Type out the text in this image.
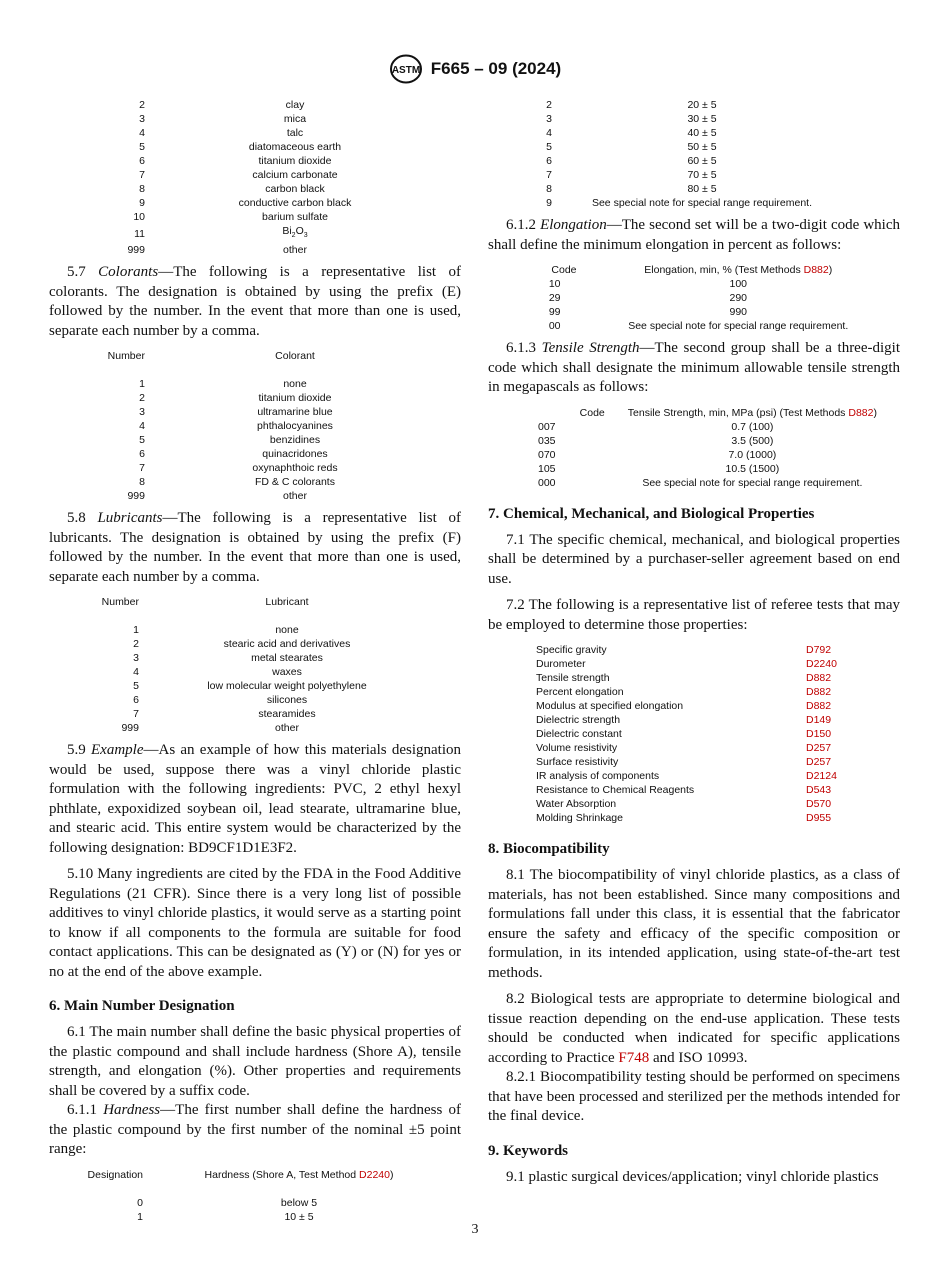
ASTM F665 – 09 (2024)
2	clay
3	mica
4	talc
5	diatomaceous earth
6	titanium dioxide
7	calcium carbonate
8	carbon black
9	conductive carbon black
10	barium sulfate
11	$Bi_2O_3$
999	other

5.7 Colorants—The following is a representative list of colorants. The designation is obtained by using the prefix (E) followed by the number. In the event that more than one is used, separate each number by a comma.

Number	Colorant
1	none
2	titanium dioxide
3	ultramarine blue
4	phthalocyanines
5	benzidines
6	quinacridones
7	oxynaphthoic reds
8	FD & C colorants
999	other

5.8 Lubricants—The following is a representative list of lubricants. The designation is obtained by using the prefix (F) followed by the number. In the event that more than one is used, separate each number by a comma.

Number	Lubricant
1	none
2	stearic acid and derivatives
3	metal stearates
4	waxes
5	low molecular weight polyethylene
6	silicones
7	stearamides
999	other

5.9 Example—As an example of how this materials designation would be used, suppose there was a vinyl chloride plastic formulation with the following ingredients: PVC, 2 ethyl hexyl phthlate, expoxidized soybean oil, lead stearate, ultramarine blue, and stearic acid. This entire system would be characterized by the following designation: BD9CF1D1E3F2.

5.10 Many ingredients are cited by the FDA in the Food Additive Regulations (21 CFR). Since there is a very long list of possible additives to vinyl chloride plastics, it would serve as a starting point to know if all components to the formula are suitable for food contact applications. This can be designated as (Y) or (N) for yes or no at the end of the above example.

6. Main Number Designation

6.1 The main number shall define the basic physical properties of the plastic compound and shall include hardness (Shore A), tensile strength, and elongation (%). Other properties and requirements shall be covered by a suffix code.

6.1.1 Hardness—The first number shall define the hardness of the plastic compound by the first number of the nominal ±5 point range:

Designation	Hardness (Shore A, Test Method D2240)
0	below 5
1	10 ± 5
2	20 ± 5
3	30 ± 5
4	40 ± 5
5	50 ± 5
6	60 ± 5
7	70 ± 5
8	80 ± 5
9	See special note for special range requirement.

6.1.2 Elongation—The second set will be a two-digit code which shall define the minimum elongation in percent as follows:

Code	Elongation, min, % (Test Methods D882)
10	100
29	290
99	990
00	See special note for special range requirement.

6.1.3 Tensile Strength—The second group shall be a three-digit code which shall designate the minimum allowable tensile strength in megapascals as follows:

Code	Tensile Strength, min, MPa (psi) (Test Methods D882)
007	0.7 (100)
035	3.5 (500)
070	7.0 (1000)
105	10.5 (1500)
000	See special note for special range requirement.
7. Chemical, Mechanical, and Biological Properties

7.1 The specific chemical, mechanical, and biological properties shall be determined by a purchaser-seller agreement based on end use.

7.2 The following is a representative list of referee tests that may be employed to determine those properties:

Specific gravity	D792
Durometer	D2240
Tensile strength	D882
Percent elongation	D882
Modulus at specified elongation	D882
Dielectric strength	D149
Dielectric constant	D150
Volume resistivity	D257
Surface resistivity	D257
IR analysis of components	D2124
Resistance to Chemical Reagents	D543
Water Absorption	D570
Molding Shrinkage	D955
8. Biocompatibility

8.1 The biocompatibility of vinyl chloride plastics, as a class of materials, has not been established. Since many compositions and formulations fall under this class, it is essential that the fabricator ensure the safety and efficacy of the specific composition or formulation, in its intended application, using state-of-the-art test methods.

8.2 Biological tests are appropriate to determine biological and tissue reaction depending on the end-use application. These tests should be conducted when indicated for specific applications according to Practice F748 and ISO 10993.

8.2.1 Biocompatibility testing should be performed on specimens that have been processed and sterilized per the methods intended for the final device.

9. Keywords

9.1 plastic surgical devices/application; vinyl chloride plastics

3
